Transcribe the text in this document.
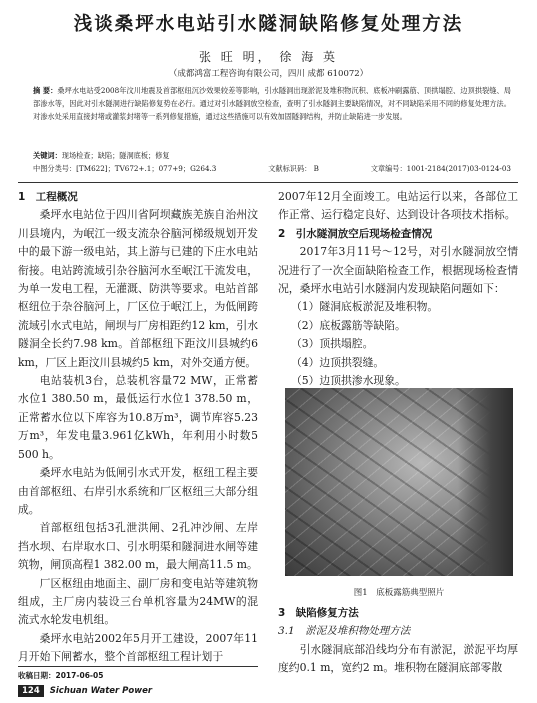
浅谈桑坪水电站引水隧洞缺陷修复处理方法
张 旺 明， 徐 海 英
（成都鸿富工程咨询有限公司，四川 成都 610072）
摘 要：桑坪水电站受2008年汶川地震及首部枢纽沉沙效果较差等影响，引水隧洞出现淤泥及堆积物沉积、底板冲刷露筋、顶拱塌腔、边顶拱裂缝、局部渗水等，因此对引水隧洞进行缺陷修复势在必行。通过对引水隧洞放空检查，查明了引水隧洞主要缺陷情况，对不同缺陷采用不同的修复处理方法。对渗水处采用直接封堵或灌浆封堵等一系列修复措施，通过这些措施可以有效加固隧洞结构，并防止缺陷进一步发展。
关键词：现场检查；缺陷；隧洞底板；修复
中图分类号：[TM622]；TV672+.1；077+9；G264.3	文献标识码： B	文章编号：1001-2184(2017)03-0124-03

1　工程概况

桑坪水电站位于四川省阿坝藏族羌族自治州汶川县境内，为岷江一级支流杂谷脑河梯级规划开发中的最下游一级电站，其上游与已建的下庄水电站衔接。电站跨流域引杂谷脑河水至岷江干流发电，为单一发电工程，无灌溉、防洪等要求。电站首部枢纽位于杂谷脑河上，厂区位于岷江上，为低闸跨流域引水式电站，闸坝与厂房相距约12 km，引水隧洞全长约7.98 km。首部枢纽下距汶川县城约6 km，厂区上距汶川县城约5 km，对外交通方便。

电站装机3台，总装机容量72 MW，正常蓄水位1 380.50 m，最低运行水位1 378.50 m，正常蓄水位以下库容为10.8万m³，调节库容5.23万m³，年发电量3.961亿kWh，年利用小时数5 500 h。

桑坪水电站为低闸引水式开发，枢纽工程主要由首部枢纽、右岸引水系统和厂区枢纽三大部分组成。

首部枢纽包括3孔泄洪闸、2孔冲沙闸、左岸挡水坝、右岸取水口、引水明渠和隧洞进水闸等建筑物，闸顶高程1 382.00 m，最大闸高11.5 m。

厂区枢纽由地面主、副厂房和变电站等建筑物组成，主厂房内装设三台单机容量为24MW的混流式水轮发电机组。

桑坪水电站2002年5月开工建设，2007年11月开始下闸蓄水，整个首部枢纽工程计划于

2007年12月全面竣工。电站运行以来，各部位工作正常、运行稳定良好、达到设计各项技术指标。

2　引水隧洞放空后现场检查情况

2017年3月11号～12号，对引水隧洞放空情况进行了一次全面缺陷检查工作，根据现场检查情况，桑坪水电站引水隧洞内发现缺陷问题如下：

（1）隧洞底板淤泥及堆积物。

（2）底板露筋等缺陷。

（3）顶拱塌腔。

（4）边顶拱裂缝。

（5）边顶拱渗水现象。

图1　底板露筋典型照片

3　缺陷修复方法

3.1　淤泥及堆积物处理方法

引水隧洞底部沿线均分布有淤泥，淤泥平均厚度约0.1 m，宽约2 m。堆积物在隧洞底部零散

收稿日期：2017-06-05
124	Sichuan Water Power
